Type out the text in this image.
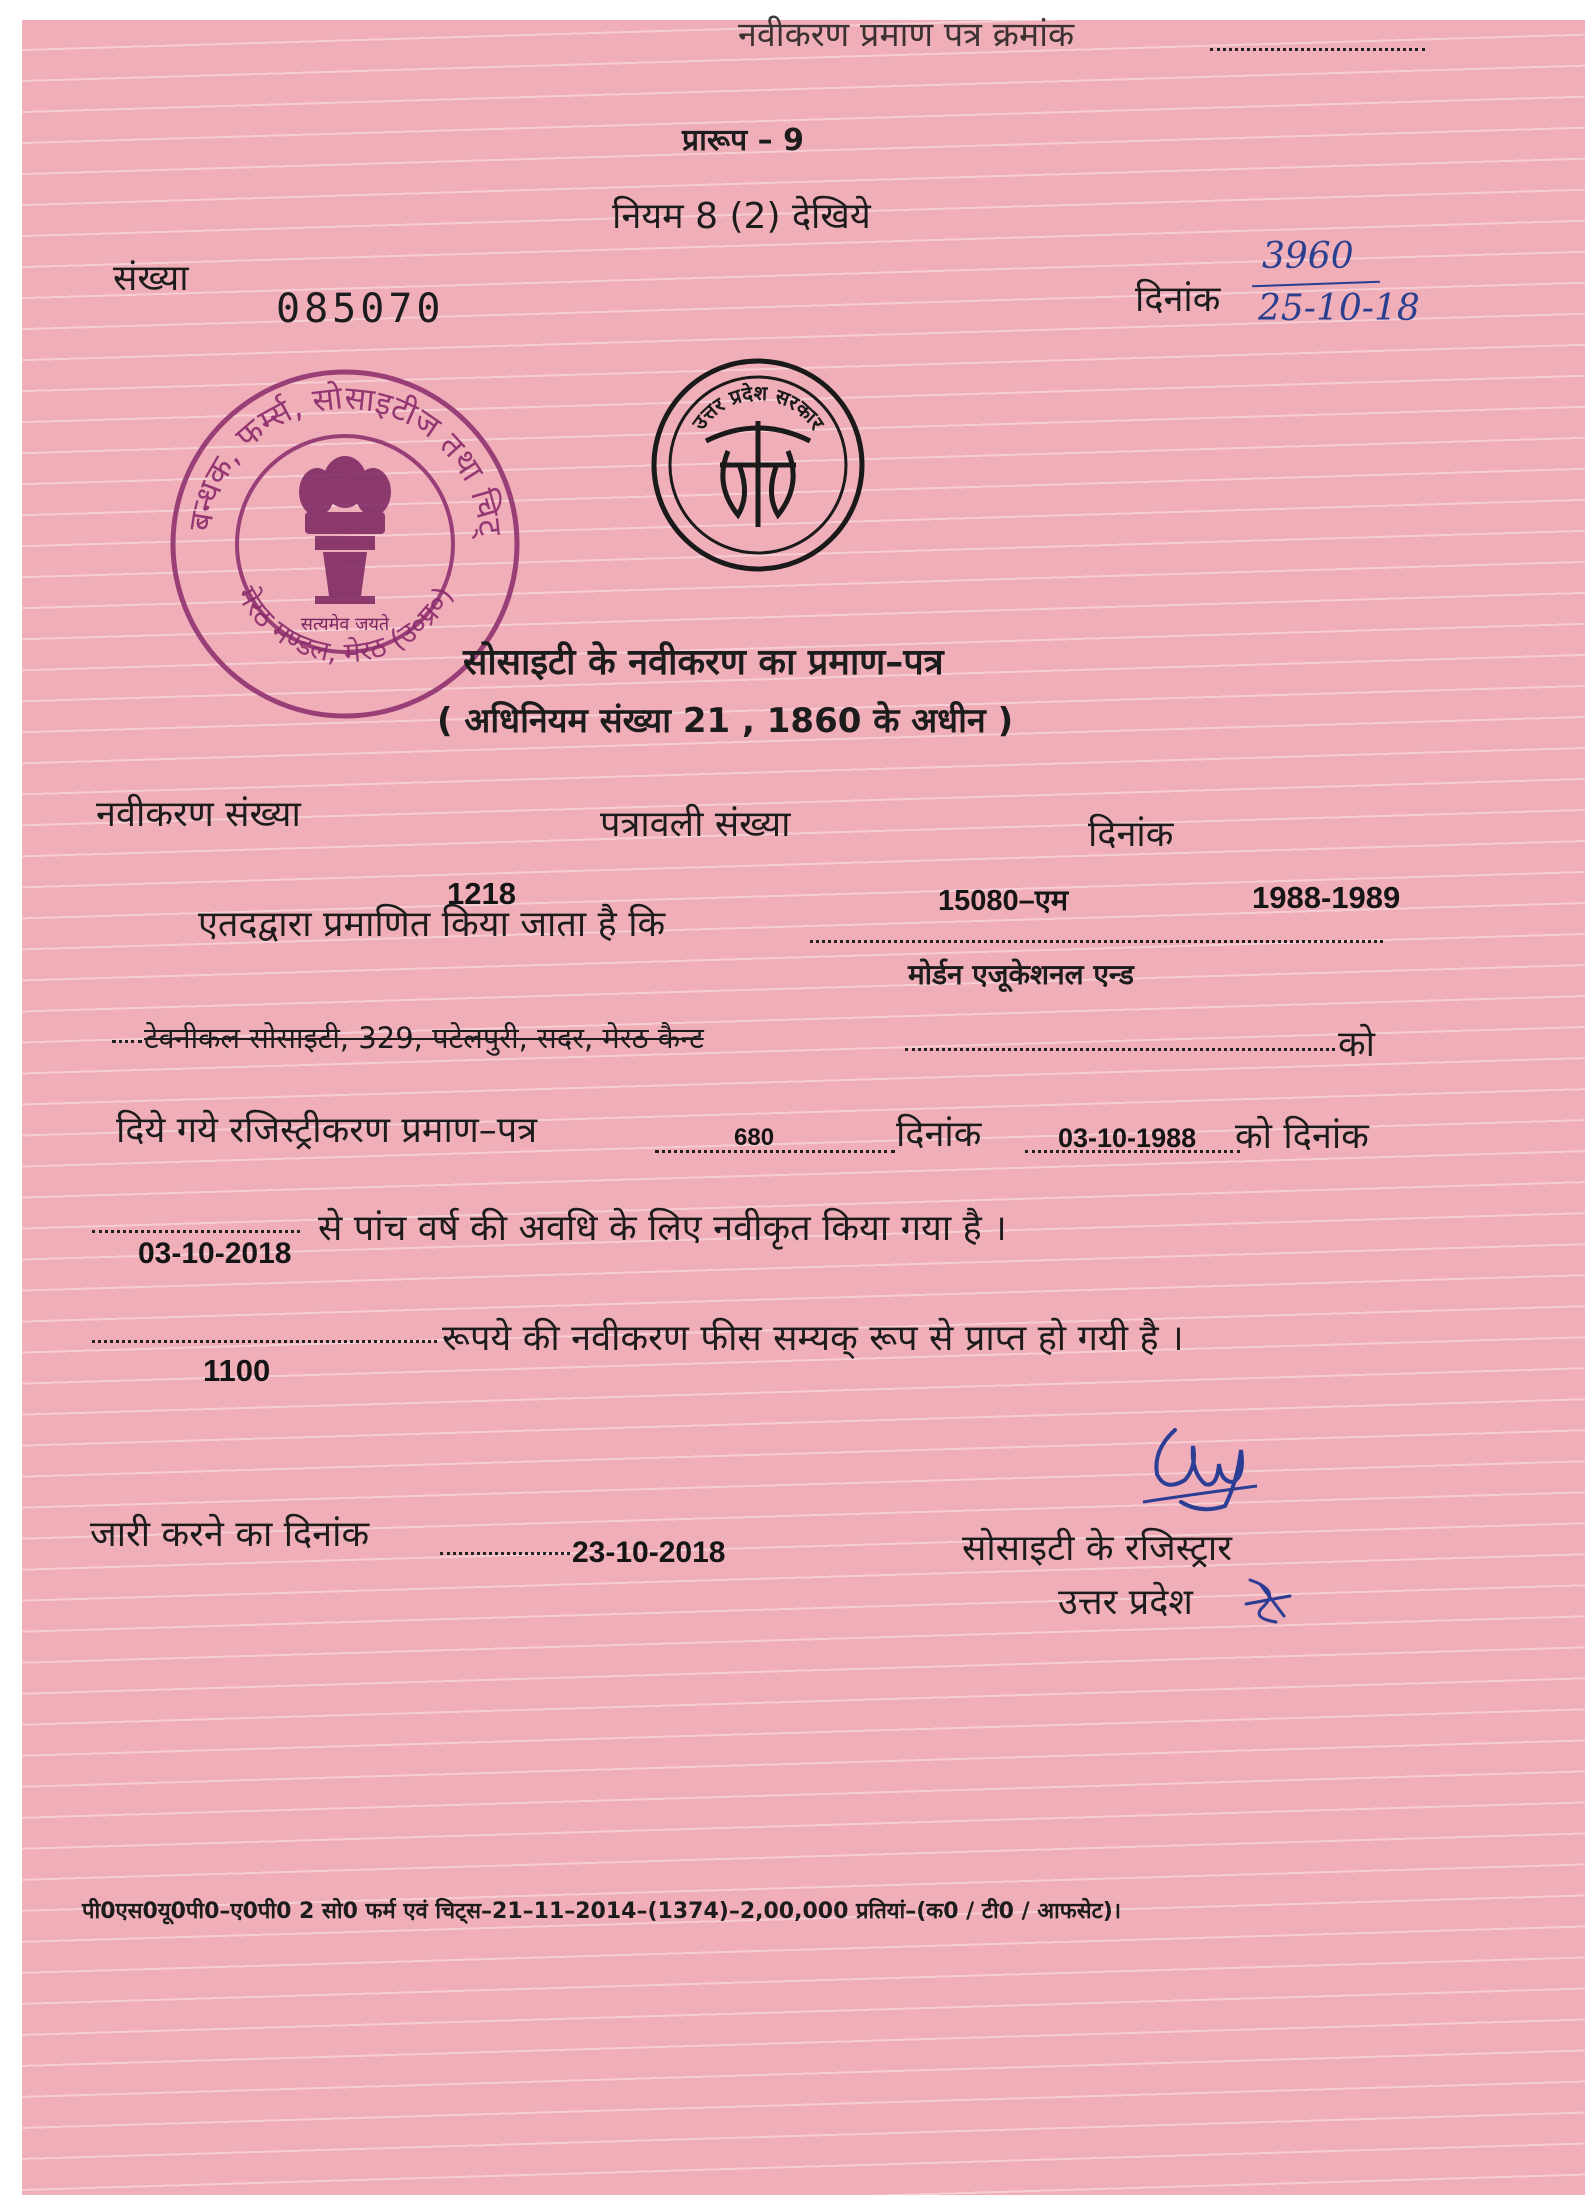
नवीकरण प्रमाण पत्र क्रमांक
प्रारूप – 9
नियम 8 (2) देखिये
संख्या
085070	दिनांक
3960
25-10-18
बन्धक, फर्म्स, सोसाइटीज तथा चि
मेरठ मण्डल, मेरठ (उ०प्र०)
सत्यमेव जयते
उत्तर प्रदेश सरकार
सोसाइटी के नवीकरण का प्रमाण–पत्र
( अधिनियम संख्या 21 , 1860 के अधीन )
नवीकरण संख्या	पत्रावली संख्या	दिनांक
1218	15080–एम	1988-1989
एतदद्वारा प्रमाणित किया जाता है कि
मोर्डन एजूकेशनल एन्ड
टेक्नीकल सोसाइटी, 329, पटेलपुरी, सदर, मेरठ कैन्ट	को
दिये गये रजिस्ट्रीकरण प्रमाण–पत्र	680	दिनांक	03-10-1988 को दिनांक
03-10-2018
से पांच वर्ष की अवधि के लिए नवीकृत किया गया है ।
रूपये की नवीकरण फीस सम्यक् रूप से प्राप्त हो गयी है ।
1100
जारी करने का दिनांक	23-10-2018	सोसाइटी के रजिस्ट्रार
उत्तर प्रदेश
पी0एस0यू0पी0–ए0पी0 2 सो0 फर्म एवं चिट्स–21–11–2014–(1374)–2,00,000 प्रतियां–(क0 / टी0 / आफसेट)।
